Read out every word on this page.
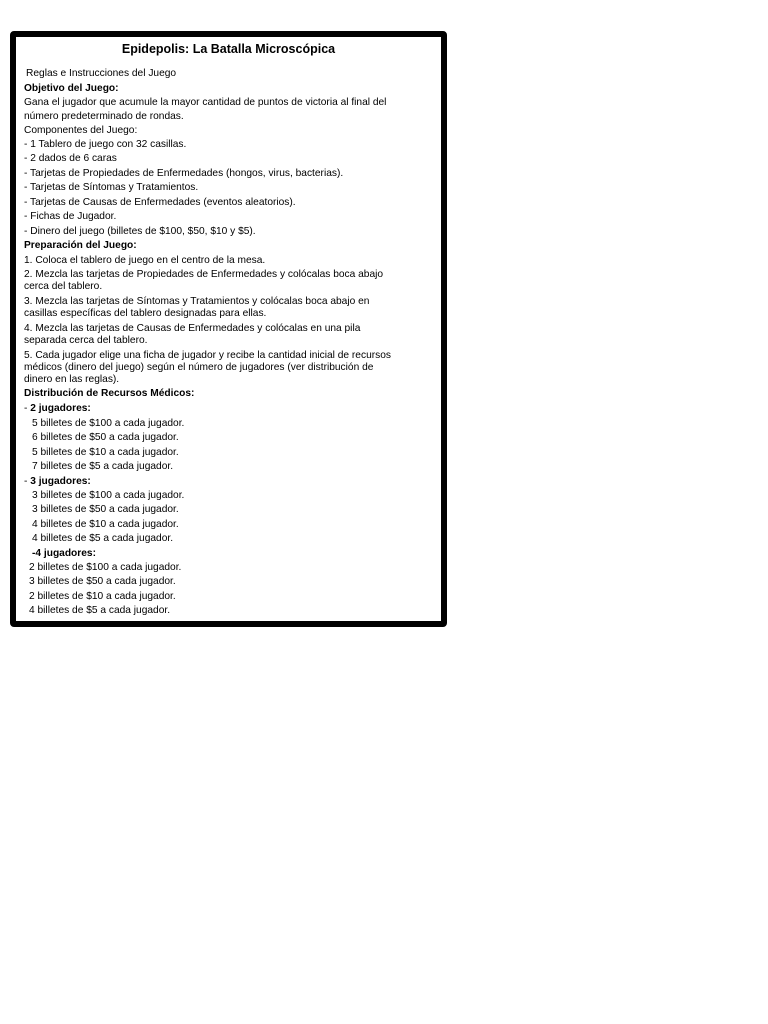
Epidepolis: La Batalla Microscópica
Reglas e Instrucciones del Juego
Objetivo del Juego:
Gana el jugador que acumule la mayor cantidad de puntos de victoria al final del
número predeterminado de rondas.
Componentes del Juego:
- 1 Tablero de juego con 32 casillas.
- 2 dados de 6 caras
- Tarjetas de Propiedades de Enfermedades (hongos, virus, bacterias).
- Tarjetas de Síntomas y Tratamientos.
- Tarjetas de Causas de Enfermedades (eventos aleatorios).
- Fichas de Jugador.
- Dinero del juego (billetes de $100, $50, $10 y $5).
Preparación del Juego:
1. Coloca el tablero de juego en el centro de la mesa.
2. Mezcla las tarjetas de Propiedades de Enfermedades y colócalas boca abajo
cerca del tablero.
3. Mezcla las tarjetas de Síntomas y Tratamientos y colócalas boca abajo en
casillas específicas del tablero designadas para ellas.
4. Mezcla las tarjetas de Causas de Enfermedades y colócalas en una pila
separada cerca del tablero.
5. Cada jugador elige una ficha de jugador y recibe la cantidad inicial de recursos
médicos (dinero del juego) según el número de jugadores (ver distribución de
dinero en las reglas).
Distribución de Recursos Médicos:
- 2 jugadores:
5 billetes de $100 a cada jugador.
6 billetes de $50 a cada jugador.
5 billetes de $10 a cada jugador.
7 billetes de $5 a cada jugador.
- 3 jugadores:
3 billetes de $100 a cada jugador.
3 billetes de $50 a cada jugador.
4 billetes de $10 a cada jugador.
4 billetes de $5 a cada jugador.
-4 jugadores:
2 billetes de $100 a cada jugador.
3 billetes de $50 a cada jugador.
2 billetes de $10 a cada jugador.
4 billetes de $5 a cada jugador.
